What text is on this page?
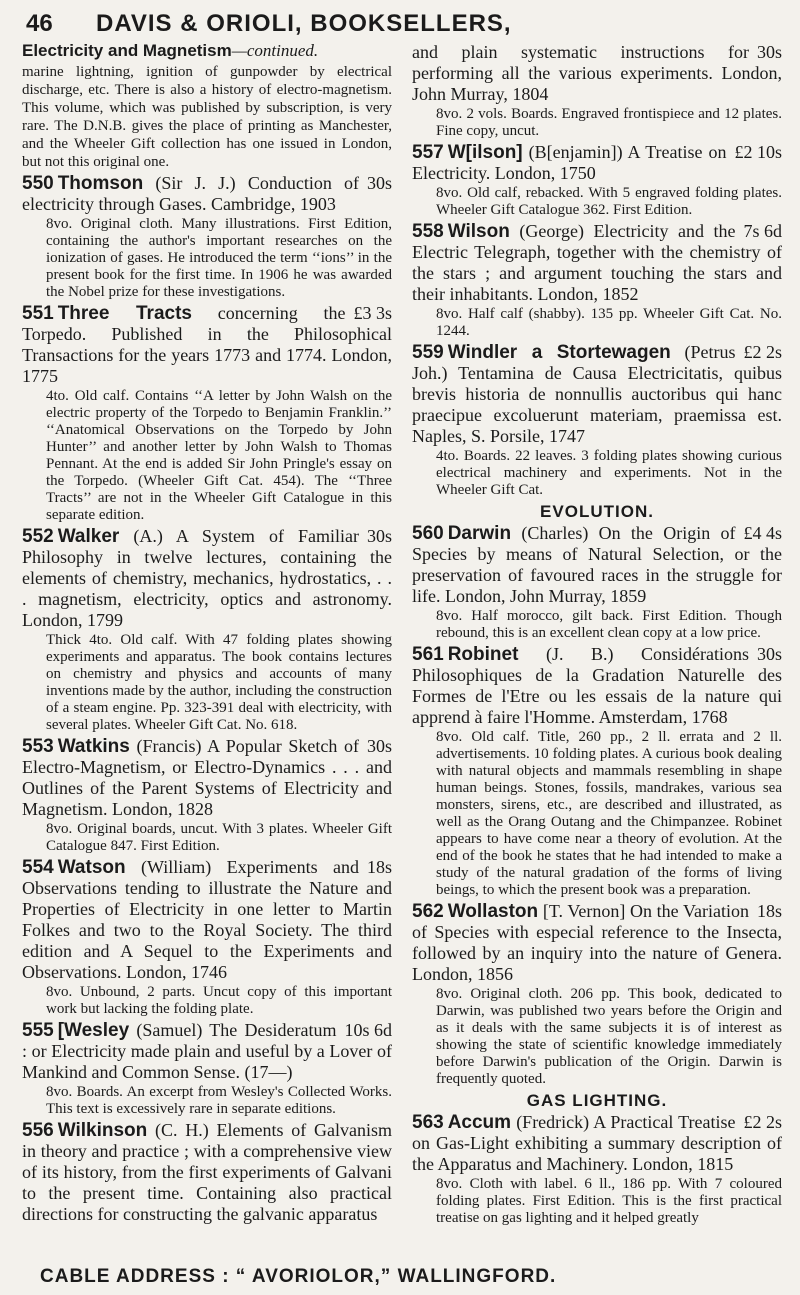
46 DAVIS & ORIOLI, BOOKSELLERS,
Electricity and Magnetism—continued.
marine lightning, ignition of gunpowder by electrical discharge, etc. There is also a history of electro-magnetism. This volume, which was published by subscription, is very rare. The D.N.B. gives the place of printing as Manchester, and the Wheeler Gift collection has one issued in London, but not this original one.
30s
550 Thomson (Sir J. J.) Conduction of electricity through Gases. Cambridge, 1903
8vo. Original cloth. Many illustrations. First Edition, containing the author's important researches on the ionization of gases. He introduced the term ‘‘ions’’ in the present book for the first time. In 1906 he was awarded the Nobel prize for these investigations.
£3 3s
551 Three Tracts concerning the Torpedo. Published in the Philosophical Transactions for the years 1773 and 1774. London, 1775
4to. Old calf. Contains ‘‘A letter by John Walsh on the electric property of the Torpedo to Benjamin Franklin.’’ ‘‘Anatomical Observations on the Torpedo by John Hunter’’ and another letter by John Walsh to Thomas Pennant. At the end is added Sir John Pringle's essay on the Torpedo. (Wheeler Gift Cat. 454). The ‘‘Three Tracts’’ are not in the Wheeler Gift Catalogue in this separate edition.
30s
552 Walker (A.) A System of Familiar Philosophy in twelve lectures, containing the elements of chemistry, mechanics, hydrostatics, . . . magnetism, electricity, optics and astronomy. London, 1799
Thick 4to. Old calf. With 47 folding plates showing experiments and apparatus. The book contains lectures on chemistry and physics and accounts of many inventions made by the author, including the construction of a steam engine. Pp. 323-391 deal with electricity, with several plates. Wheeler Gift Cat. No. 618.
30s
553 Watkins (Francis) A Popular Sketch of Electro-Magnetism, or Electro-Dynamics . . . and Outlines of the Parent Systems of Electricity and Magnetism. London, 1828
8vo. Original boards, uncut. With 3 plates. Wheeler Gift Catalogue 847. First Edition.
18s
554 Watson (William) Experiments and Observations tending to illustrate the Nature and Properties of Electricity in one letter to Martin Folkes and two to the Royal Society. The third edition and A Sequel to the Experiments and Observations. London, 1746
8vo. Unbound, 2 parts. Uncut copy of this important work but lacking the folding plate.
10s 6d
555 [Wesley (Samuel) The Desideratum : or Electricity made plain and useful by a Lover of Mankind and Common Sense. (17—)
8vo. Boards. An excerpt from Wesley's Collected Works. This text is excessively rare in separate editions.
556 Wilkinson (C. H.) Elements of Galvanism in theory and practice ; with a comprehensive view of its history, from the first experiments of Galvani to the present time. Containing also practical directions for constructing the galvanic apparatus
30s
and plain systematic instructions for performing all the various experiments. London, John Murray, 1804
8vo. 2 vols. Boards. Engraved frontispiece and 12 plates. Fine copy, uncut.
£2 10s
557 W[ilson] (B[enjamin]) A Treatise on Electricity. London, 1750
8vo. Old calf, rebacked. With 5 engraved folding plates. Wheeler Gift Catalogue 362. First Edition.
7s 6d
558 Wilson (George) Electricity and the Electric Telegraph, together with the chemistry of the stars ; and argument touching the stars and their inhabitants. London, 1852
8vo. Half calf (shabby). 135 pp. Wheeler Gift Cat. No. 1244.
£2 2s
559 Windler a Stortewagen (Petrus Joh.) Tentamina de Causa Electricitatis, quibus brevis historia de nonnullis auctoribus qui hanc praecipue excoluerunt materiam, praemissa est. Naples, S. Porsile, 1747
4to. Boards. 22 leaves. 3 folding plates showing curious electrical machinery and experiments. Not in the Wheeler Gift Cat.
EVOLUTION.
£4 4s
560 Darwin (Charles) On the Origin of Species by means of Natural Selection, or the preservation of favoured races in the struggle for life. London, John Murray, 1859
8vo. Half morocco, gilt back. First Edition. Though rebound, this is an excellent clean copy at a low price.
30s
561 Robinet (J. B.) Considérations Philosophiques de la Gradation Naturelle des Formes de l'Etre ou les essais de la nature qui apprend à faire l'Homme. Amsterdam, 1768
8vo. Old calf. Title, 260 pp., 2 ll. errata and 2 ll. advertisements. 10 folding plates. A curious book dealing with natural objects and mammals resembling in shape human beings. Stones, fossils, mandrakes, various sea monsters, sirens, etc., are described and illustrated, as well as the Orang Outang and the Chimpanzee. Robinet appears to have come near a theory of evolution. At the end of the book he states that he had intended to make a study of the natural gradation of the forms of living beings, to which the present book was a preparation.
18s
562 Wollaston [T. Vernon] On the Variation of Species with especial reference to the Insecta, followed by an inquiry into the nature of Genera. London, 1856
8vo. Original cloth. 206 pp. This book, dedicated to Darwin, was published two years before the Origin and as it deals with the same subjects it is of interest as showing the state of scientific knowledge immediately before Darwin's publication of the Origin. Darwin is frequently quoted.
GAS LIGHTING.
£2 2s
563 Accum (Fredrick) A Practical Treatise on Gas-Light exhibiting a summary description of the Apparatus and Machinery. London, 1815
8vo. Cloth with label. 6 ll., 186 pp. With 7 coloured folding plates. First Edition. This is the first practical treatise on gas lighting and it helped greatly
CABLE ADDRESS : “ AVORIOLOR,” WALLINGFORD.
